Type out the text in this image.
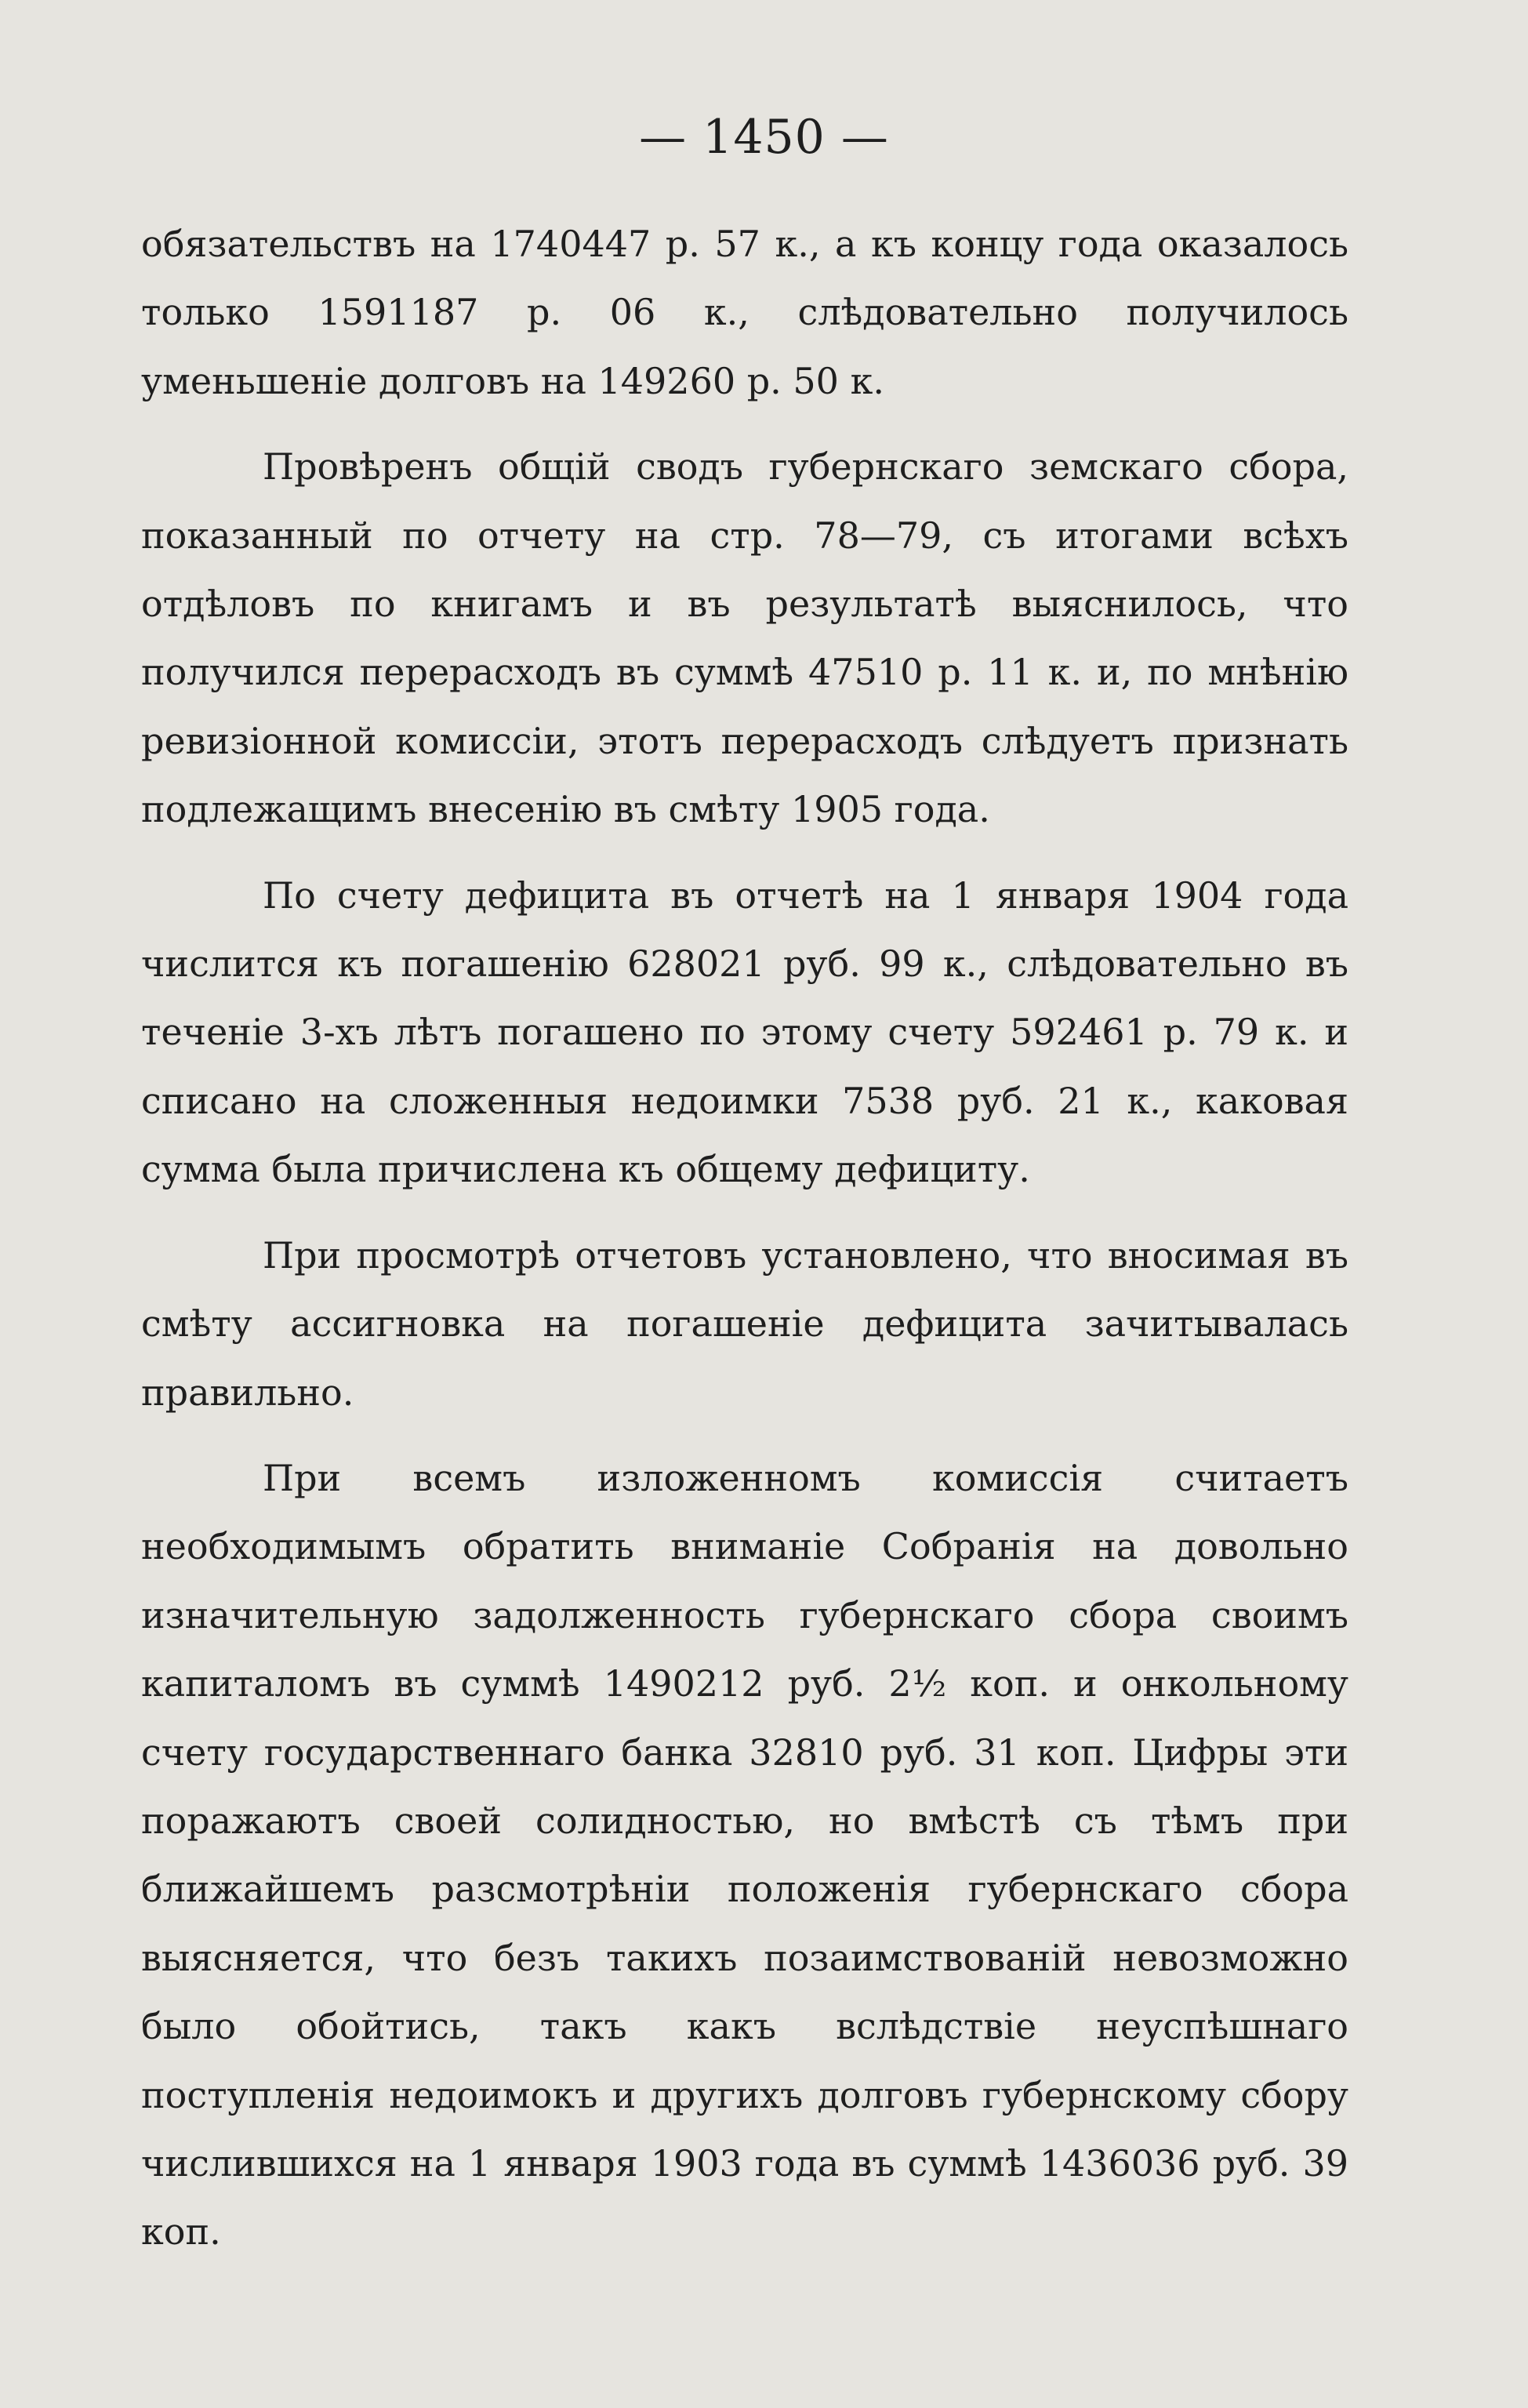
— 1450 —

обязательствъ на 1740447 р. 57 к., а къ концу года оказалось только 1591187 р. 06 к., слѣдовательно получилось уменьшеніе долговъ на 149260 р. 50 к.

Провѣренъ общій сводъ губернскаго земскаго сбора, показанный по отчету на стр. 78—79, съ итогами всѣхъ отдѣловъ по книгамъ и въ результатѣ выяснилось, что получился перерасходъ въ суммѣ 47510 р. 11 к. и, по мнѣнію ревизіонной комиссіи, этотъ перерасходъ слѣдуетъ признать подлежащимъ внесенію въ смѣту 1905 года.

По счету дефицита въ отчетѣ на 1 января 1904 года числится къ погашенію 628021 руб. 99 к., слѣдовательно въ теченіе 3-хъ лѣтъ погашено по этому счету 592461 р. 79 к. и списано на сложенныя недоимки 7538 руб. 21 к., каковая сумма была причислена къ общему дефициту.

При просмотрѣ отчетовъ установлено, что вносимая въ смѣту ассигновка на погашеніе дефицита зачитывалась правильно.

При всемъ изложенномъ комиссія считаетъ необходимымъ обратить вниманіе Собранія на довольно изначительную задолженность губернскаго сбора своимъ капиталомъ въ суммѣ 1490212 руб. 2½ коп. и онкольному счету государственнаго банка 32810 руб. 31 коп. Цифры эти поражаютъ своей солидностью, но вмѣстѣ съ тѣмъ при ближайшемъ разсмотрѣніи положенія губернскаго сбора выясняется, что безъ такихъ позаимствованій невозможно было обойтись, такъ какъ вслѣдствіе неуспѣшнаго поступленія недоимокъ и другихъ долговъ губернскому сбору числившихся на 1 января 1903 года въ суммѣ 1436036 руб. 39 коп.
